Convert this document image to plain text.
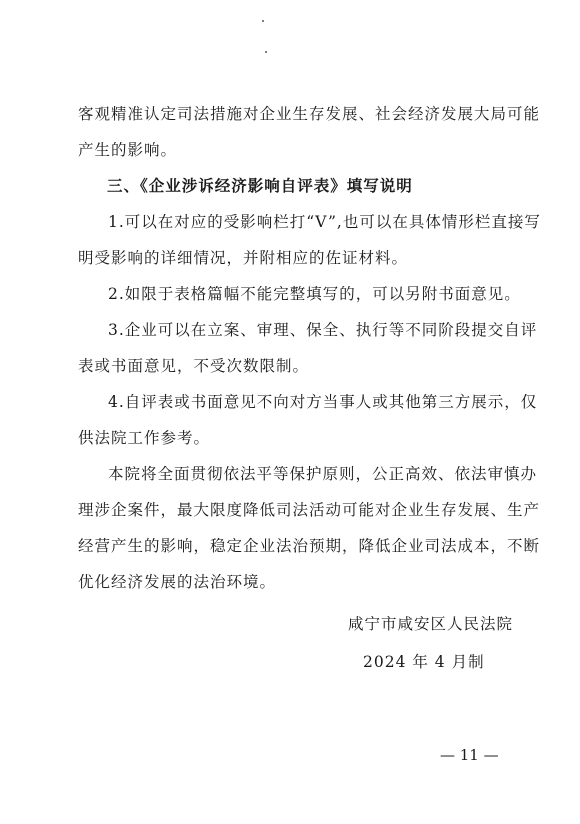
客观精准认定司法措施对企业生存发展、社会经济发展大局可能
产生的影响。
三、《企业涉诉经济影响自评表》填写说明
1.可以在对应的受影响栏打“V”,也可以在具体情形栏直接写
明受影响的详细情况，并附相应的佐证材料。
2.如限于表格篇幅不能完整填写的，可以另附书面意见。
3.企业可以在立案、审理、保全、执行等不同阶段提交自评
表或书面意见，不受次数限制。
4.自评表或书面意见不向对方当事人或其他第三方展示，仅
供法院工作参考。
本院将全面贯彻依法平等保护原则，公正高效、依法审慎办
理涉企案件，最大限度降低司法活动可能对企业生存发展、生产
经营产生的影响，稳定企业法治预期，降低企业司法成本，不断
优化经济发展的法治环境。
咸宁市咸安区人民法院
2024 年 4 月制
— 11 —
